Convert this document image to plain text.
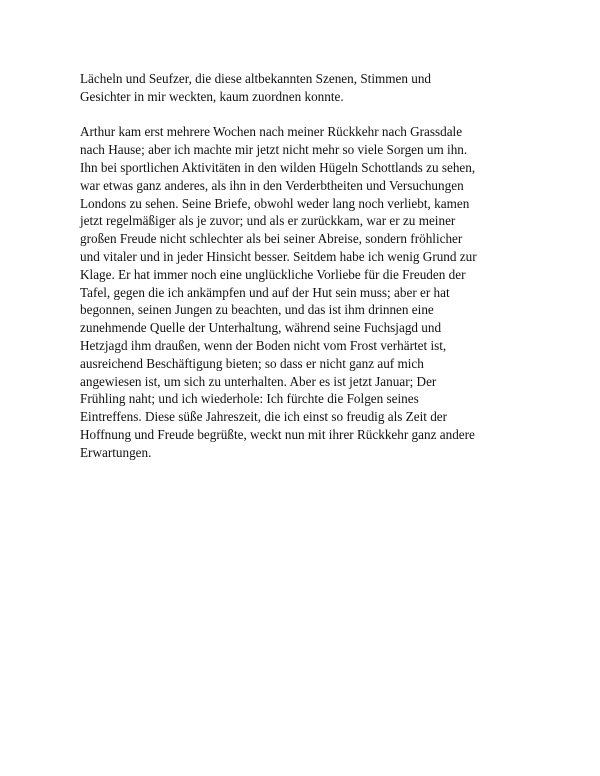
Lächeln und Seufzer, die diese altbekannten Szenen, Stimmen und
Gesichter in mir weckten, kaum zuordnen konnte.

Arthur kam erst mehrere Wochen nach meiner Rückkehr nach Grassdale
nach Hause; aber ich machte mir jetzt nicht mehr so viele Sorgen um ihn.
Ihn bei sportlichen Aktivitäten in den wilden Hügeln Schottlands zu sehen,
war etwas ganz anderes, als ihn in den Verderbtheiten und Versuchungen
Londons zu sehen. Seine Briefe, obwohl weder lang noch verliebt, kamen
jetzt regelmäßiger als je zuvor; und als er zurückkam, war er zu meiner
großen Freude nicht schlechter als bei seiner Abreise, sondern fröhlicher
und vitaler und in jeder Hinsicht besser. Seitdem habe ich wenig Grund zur
Klage. Er hat immer noch eine unglückliche Vorliebe für die Freuden der
Tafel, gegen die ich ankämpfen und auf der Hut sein muss; aber er hat
begonnen, seinen Jungen zu beachten, und das ist ihm drinnen eine
zunehmende Quelle der Unterhaltung, während seine Fuchsjagd und
Hetzjagd ihm draußen, wenn der Boden nicht vom Frost verhärtet ist,
ausreichend Beschäftigung bieten; so dass er nicht ganz auf mich
angewiesen ist, um sich zu unterhalten. Aber es ist jetzt Januar; Der
Frühling naht; und ich wiederhole: Ich fürchte die Folgen seines
Eintreffens. Diese süße Jahreszeit, die ich einst so freudig als Zeit der
Hoffnung und Freude begrüßte, weckt nun mit ihrer Rückkehr ganz andere
Erwartungen.
